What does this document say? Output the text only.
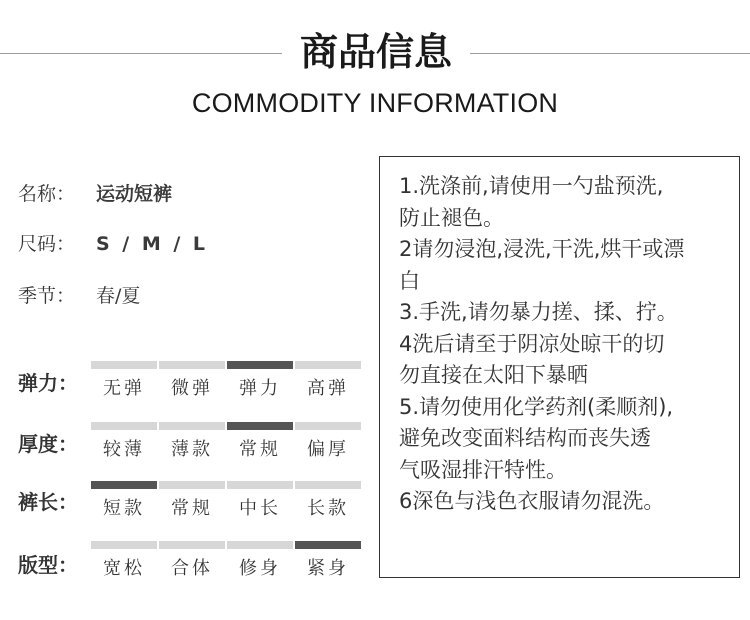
商品信息
COMMODITY INFORMATION
名称： 运动短裤
尺码： S / M / L
季节： 春/夏
弹力：	无弹	微弹	弹力	高弹
厚度：	较薄	薄款	常规	偏厚
裤长：	短款	常规	中长	长款
版型：	宽松	合体	修身	紧身
1.洗涤前,请使用一勺盐预洗,
防止褪色。
2请勿浸泡,浸洗,干洗,烘干或漂
白
3.手洗,请勿暴力搓、揉、拧。
4洗后请至于阴凉处晾干的切
勿直接在太阳下暴晒
5.请勿使用化学药剂(柔顺剂),
避免改变面料结构而丧失透
气吸湿排汗特性。
6深色与浅色衣服请勿混洗。
